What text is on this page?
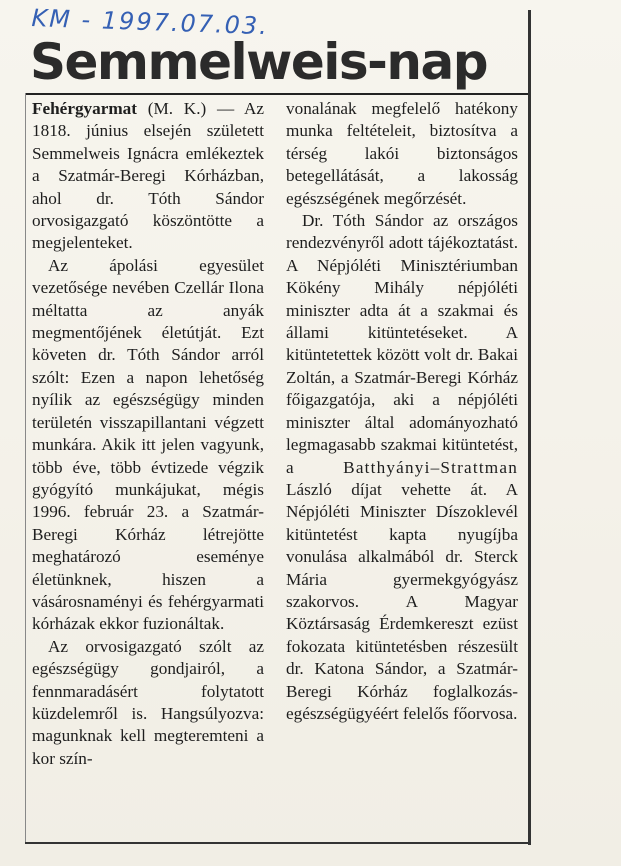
KM - 1997.07.03.
Semmelweis-nap

Fehérgyarmat (M. K.) — Az 1818. június elsején született Semmelweis Ignácra emlékeztek a Szatmár-Beregi Kórházban, ahol dr. Tóth Sándor orvosigazgató köszöntötte a megjelenteket.

Az ápolási egyesület vezetősége nevében Czellár Ilona méltatta az anyák megmentőjének életútját. Ezt követen dr. Tóth Sándor arról szólt: Ezen a napon lehetőség nyílik az egészségügy minden területén visszapillantani végzett munkára. Akik itt jelen vagyunk, több éve, több évtizede végzik gyógyító munkájukat, mégis 1996. február 23. a Szatmár-Beregi Kórház létrejötte meghatározó eseménye életünknek, hiszen a vásárosnaményi és fehérgyarmati kórházak ekkor fuzionáltak.

Az orvosigazgató szólt az egészségügy gondjairól, a fennmaradásért folytatott küzdelemről is. Hangsúlyozva: magunknak kell megteremteni a kor szín-

vonalának megfelelő hatékony munka feltételeit, biztosítva a térség lakói biztonságos betegellátását, a lakosság egészségének megőrzését.

Dr. Tóth Sándor az országos rendezvényről adott tájékoztatást. A Népjóléti Minisztériumban Kökény Mihály népjóléti miniszter adta át a szakmai és állami kitüntetéseket. A kitüntetettek között volt dr. Bakai Zoltán, a Szatmár-Beregi Kórház főigazgatója, aki a népjóléti miniszter által adományozható legmagasabb szakmai kitüntetést, a Batthyányi–Strattman László díjat vehette át. A Népjóléti Miniszter Díszoklevél kitüntetést kapta nyugíjba vonulása alkalmából dr. Sterck Mária gyermekgyógyász szakorvos. A Magyar Köztársaság Érdemkereszt ezüst fokozata kitüntetésben részesült dr. Katona Sándor, a Szatmár-Beregi Kórház foglalkozás-egészségügyéért felelős főorvosa.
